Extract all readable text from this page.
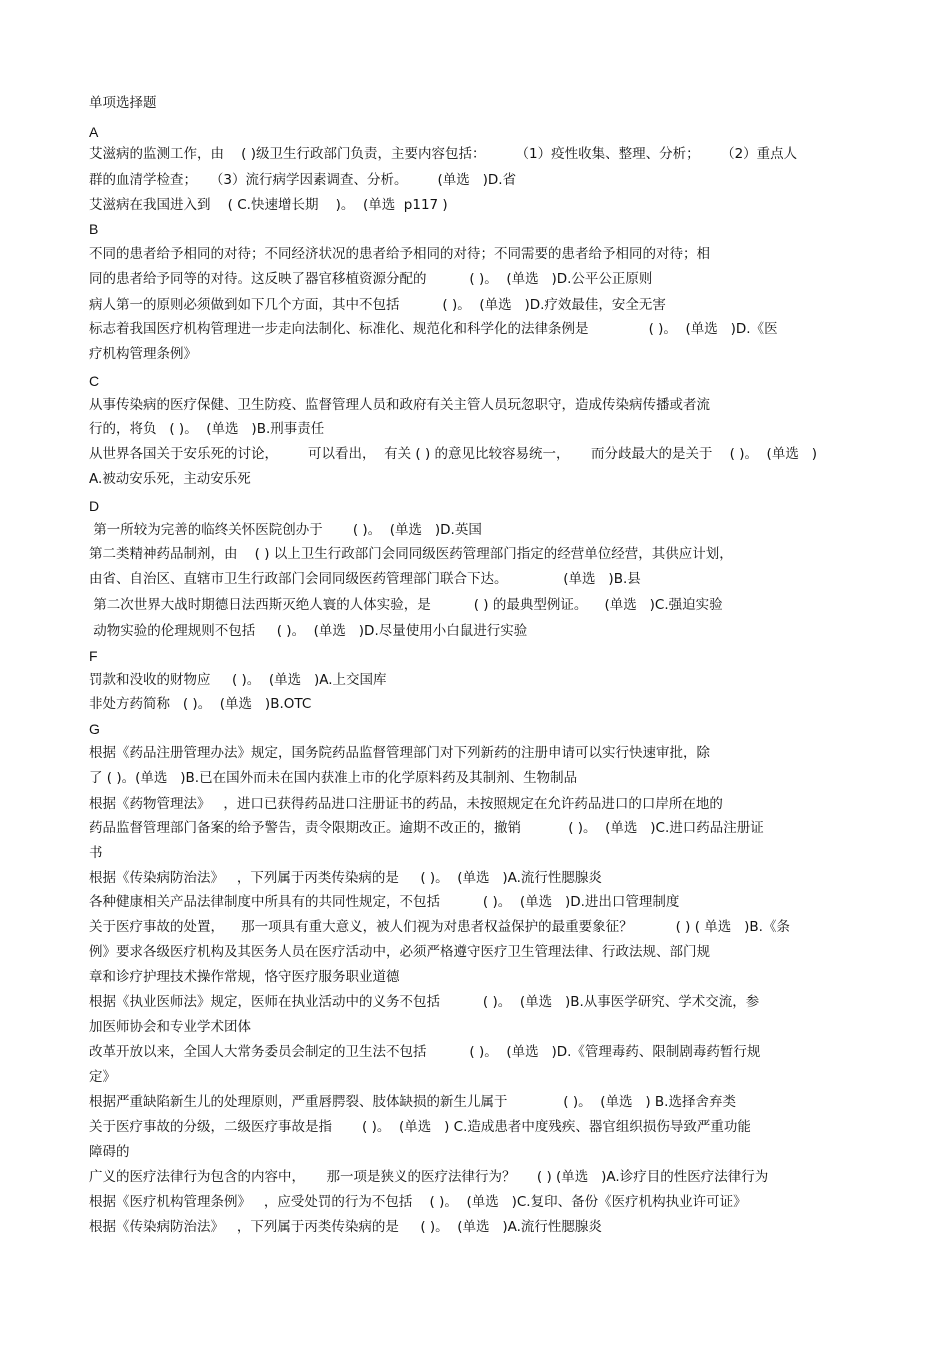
单项选择题
A
艾滋病的监测工作，由    ( )级卫生行政部门负责，主要内容包括：       （1）疫性收集、整理、分析；     （2）重点人
群的血清学检查；   （3）流行病学因素调查、分析。       (单选   )D.省
艾滋病在我国进入到    ( C.快速增长期    )。  (单选  p117 )
B
不同的患者给予相同的对待；不同经济状况的患者给予相同的对待；不同需要的患者给予相同的对待；相
同的患者给予同等的对待。这反映了器官移植资源分配的          ( )。  (单选   )D.公平公正原则
病人第一的原则必须做到如下几个方面，其中不包括          ( )。  (单选   )D.疗效最佳，安全无害
标志着我国医疗机构管理进一步走向法制化、标准化、规范化和科学化的法律条例是              ( )。  (单选   )D.《医
疗机构管理条例》
C
从事传染病的医疗保健、卫生防疫、监督管理人员和政府有关主管人员玩忽职守，造成传染病传播或者流
行的，将负   ( )。  (单选   )B.刑事责任
从世界各国关于安乐死的讨论，       可以看出，  有关 ( ) 的意见比较容易统一，     而分歧最大的是关于    ( )。  (单选   )
A.被动安乐死，主动安乐死
D
第一所较为完善的临终关怀医院创办于       ( )。  (单选   )D.英国
第二类精神药品制剂，由    ( ) 以上卫生行政部门会同同级医药管理部门指定的经营单位经营，其供应计划，
由省、自治区、直辖市卫生行政部门会同同级医药管理部门联合下达。             (单选   )B.县
第二次世界大战时期德日法西斯灭绝人寰的人体实验，是          ( ) 的最典型例证。    (单选   )C.强迫实验
动物实验的伦理规则不包括     ( )。  (单选   )D.尽量使用小白鼠进行实验
F
罚款和没收的财物应     ( )。  (单选   )A.上交国库
非处方药简称   ( )。  (单选   )B.OTC
G
根据《药品注册管理办法》规定，国务院药品监督管理部门对下列新药的注册申请可以实行快速审批，除
了 ( )。(单选   )B.已在国外而未在国内获准上市的化学原料药及其制剂、生物制品
根据《药物管理法》   ，进口已获得药品进口注册证书的药品，未按照规定在允许药品进口的口岸所在地的
药品监督管理部门备案的给予警告，责令限期改正。逾期不改正的，撤销           ( )。  (单选   )C.进口药品注册证
书
根据《传染病防治法》   ，下列属于丙类传染病的是     ( )。  (单选   )A.流行性腮腺炎
各种健康相关产品法律制度中所具有的共同性规定，不包括          ( )。  (单选   )D.进出口管理制度
关于医疗事故的处置，    那一项具有重大意义，被人们视为对患者权益保护的最重要象征？          ( ) ( 单选   )B.《条
例》要求各级医疗机构及其医务人员在医疗活动中，必须严格遵守医疗卫生管理法律、行政法规、部门规
章和诊疗护理技术操作常规，恪守医疗服务职业道德
根据《执业医师法》规定，医师在执业活动中的义务不包括          ( )。  (单选   )B.从事医学研究、学术交流，参
加医师协会和专业学术团体
改革开放以来，全国人大常务委员会制定的卫生法不包括          ( )。  (单选   )D.《管理毒药、限制剧毒药暂行规
定》
根据严重缺陷新生儿的处理原则，严重唇腭裂、肢体缺损的新生儿属于             ( )。  (单选   ) B.选择舍弃类
关于医疗事故的分级，二级医疗事故是指       ( )。  (单选   ) C.造成患者中度残疾、器官组织损伤导致严重功能
障碍的
广义的医疗法律行为包含的内容中，     那一项是狭义的医疗法律行为？     ( ) (单选   )A.诊疗目的性医疗法律行为
根据《医疗机构管理条例》   ，应受处罚的行为不包括    ( )。  (单选   )C.复印、备份《医疗机构执业许可证》
根据《传染病防治法》   ，下列属于丙类传染病的是     ( )。  (单选   )A.流行性腮腺炎
